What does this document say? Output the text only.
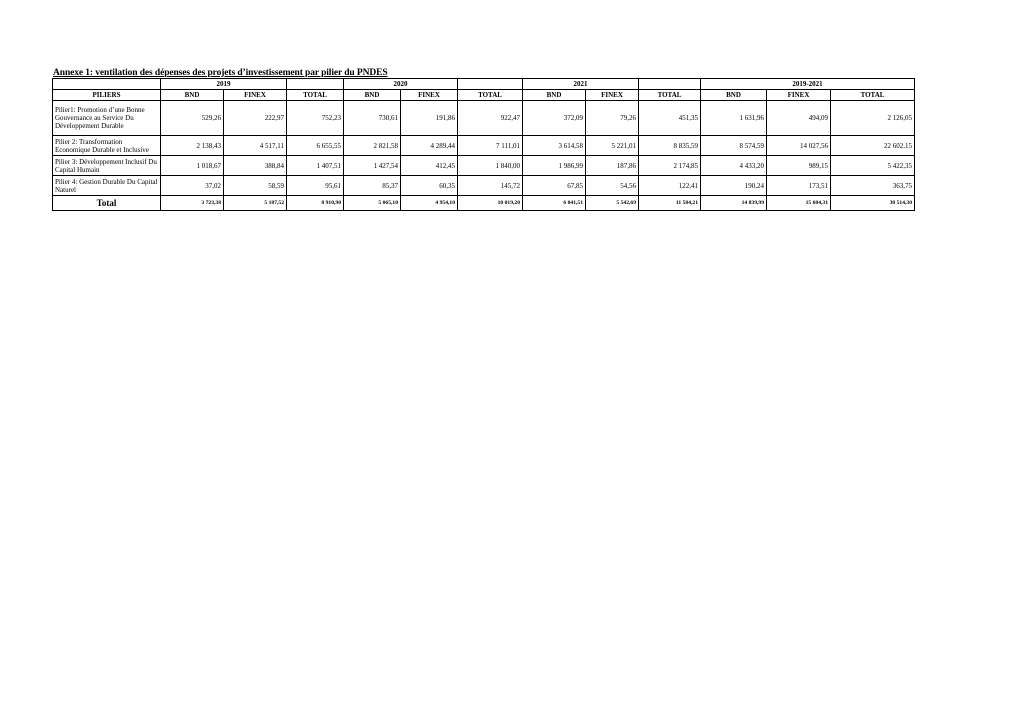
Annexe 1: ventilation des dépenses des projets d’investissement par pilier du PNDES
	2019			2020			2021			2019-2021		
PILIERS	BND	FINEX	TOTAL	BND	FINEX	TOTAL	BND	FINEX	TOTAL	BND	FINEX	TOTAL
Pilier1: Promotion d’une Bonne Gouvernance au Service Du Développement Durable	529,26	222,97	752,23	730,61	191,86	922,47	372,09	79,26	451,35	1 631,96	494,09	2 126,05
Pilier 2: Transformation Economique Durable et Inclusive	2 138,43	4 517,11	6 655,55	2 821,58	4 289,44	7 111,01	3 614,58	5 221,01	8 835,59	8 574,59	14 027,56	22 602,15
Pilier 3: Développement Inclusif Du Capital Humain	1 018,67	388,84	1 407,51	1 427,54	412,45	1 840,00	1 986,99	187,86	2 174,85	4 433,20	989,15	5 422,35
Pilier 4: Gestion Durable Du Capital Naturel	37,02	58,59	95,61	85,37	60,35	145,72	67,85	54,56	122,41	190,24	173,51	363,75
Total	3 723,38	5 187,52	8 910,90	5 065,10	4 954,10	10 019,20	6 041,51	5 542,69	11 584,21	14 839,99	15 684,31	30 514,30
